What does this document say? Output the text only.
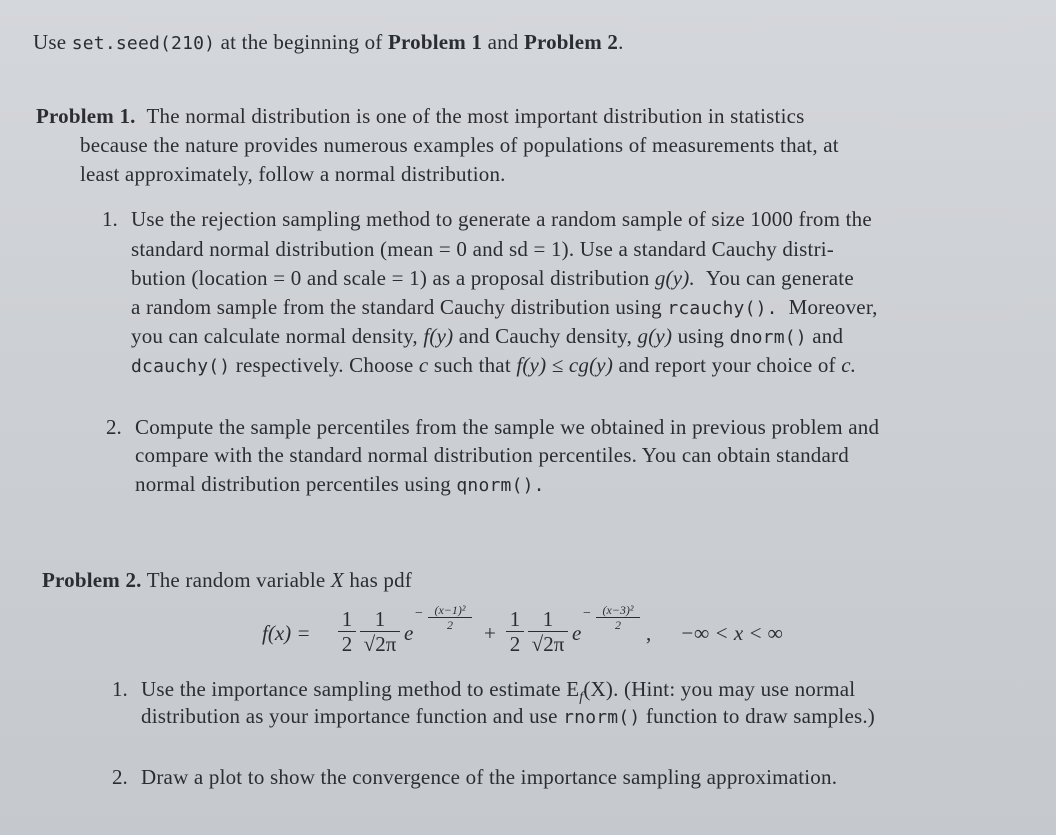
Use set.seed(210) at the beginning of Problem 1 and Problem 2.
Problem 1. The normal distribution is one of the most important distribution in statistics
because the nature provides numerous examples of populations of measurements that, at
least approximately, follow a normal distribution.
1. Use the rejection sampling method to generate a random sample of size 1000 from the
standard normal distribution (mean = 0 and sd = 1). Use a standard Cauchy distri-
bution (location = 0 and scale = 1) as a proposal distribution g(y). You can generate
a random sample from the standard Cauchy distribution using rcauchy(). Moreover,
you can calculate normal density, f(y) and Cauchy density, g(y) using dnorm() and
dcauchy() respectively. Choose c such that f(y) ≤ cg(y) and report your choice of c.
2. Compute the sample percentiles from the sample we obtained in previous problem and
compare with the standard normal distribution percentiles. You can obtain standard
normal distribution percentiles using qnorm().
Problem 2. The random variable X has pdf
f(x) =
1
2
1
√2π e
− (x−1)²
2	+
1
2
1
√2π e
− (x−3)²
2	, −∞ < x < ∞
1. Use the importance sampling method to estimate $E_f(X)$. (Hint: you may use normal
distribution as your importance function and use rnorm() function to draw samples.)
2. Draw a plot to show the convergence of the importance sampling approximation.
